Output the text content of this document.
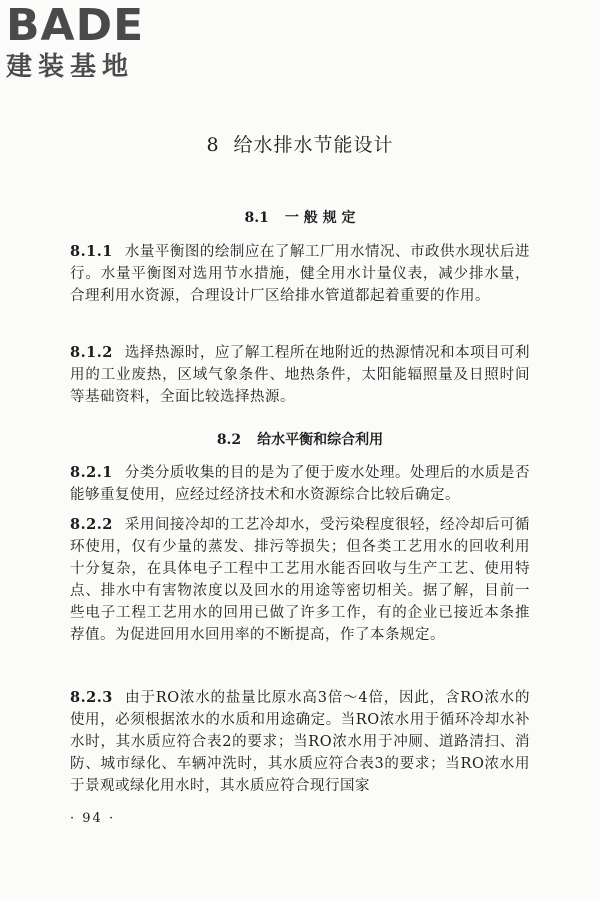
BADE
建装基地
8 给水排水节能设计
8.1 一 般 规 定
8.1.1 水量平衡图的绘制应在了解工厂用水情况、市政供水现状后进行。水量平衡图对选用节水措施，健全用水计量仪表，减少排水量，合理利用水资源，合理设计厂区给排水管道都起着重要的作用。
8.1.2 选择热源时，应了解工程所在地附近的热源情况和本项目可利用的工业废热，区域气象条件、地热条件，太阳能辐照量及日照时间等基础资料，全面比较选择热源。
8.2 给水平衡和综合利用
8.2.1 分类分质收集的目的是为了便于废水处理。处理后的水质是否能够重复使用，应经过经济技术和水资源综合比较后确定。
8.2.2 采用间接冷却的工艺冷却水，受污染程度很轻，经冷却后可循环使用，仅有少量的蒸发、排污等损失；但各类工艺用水的回收利用十分复杂，在具体电子工程中工艺用水能否回收与生产工艺、使用特点、排水中有害物浓度以及回水的用途等密切相关。据了解，目前一些电子工程工艺用水的回用已做了许多工作，有的企业已接近本条推荐值。为促进回用水回用率的不断提高，作了本条规定。
8.2.3 由于RO浓水的盐量比原水高3倍～4倍，因此，含RO浓水的使用，必须根据浓水的水质和用途确定。当RO浓水用于循环冷却水补水时，其水质应符合表2的要求；当RO浓水用于冲厕、道路清扫、消防、城市绿化、车辆冲洗时，其水质应符合表3的要求；当RO浓水用于景观或绿化用水时，其水质应符合现行国家
· 94 ·
